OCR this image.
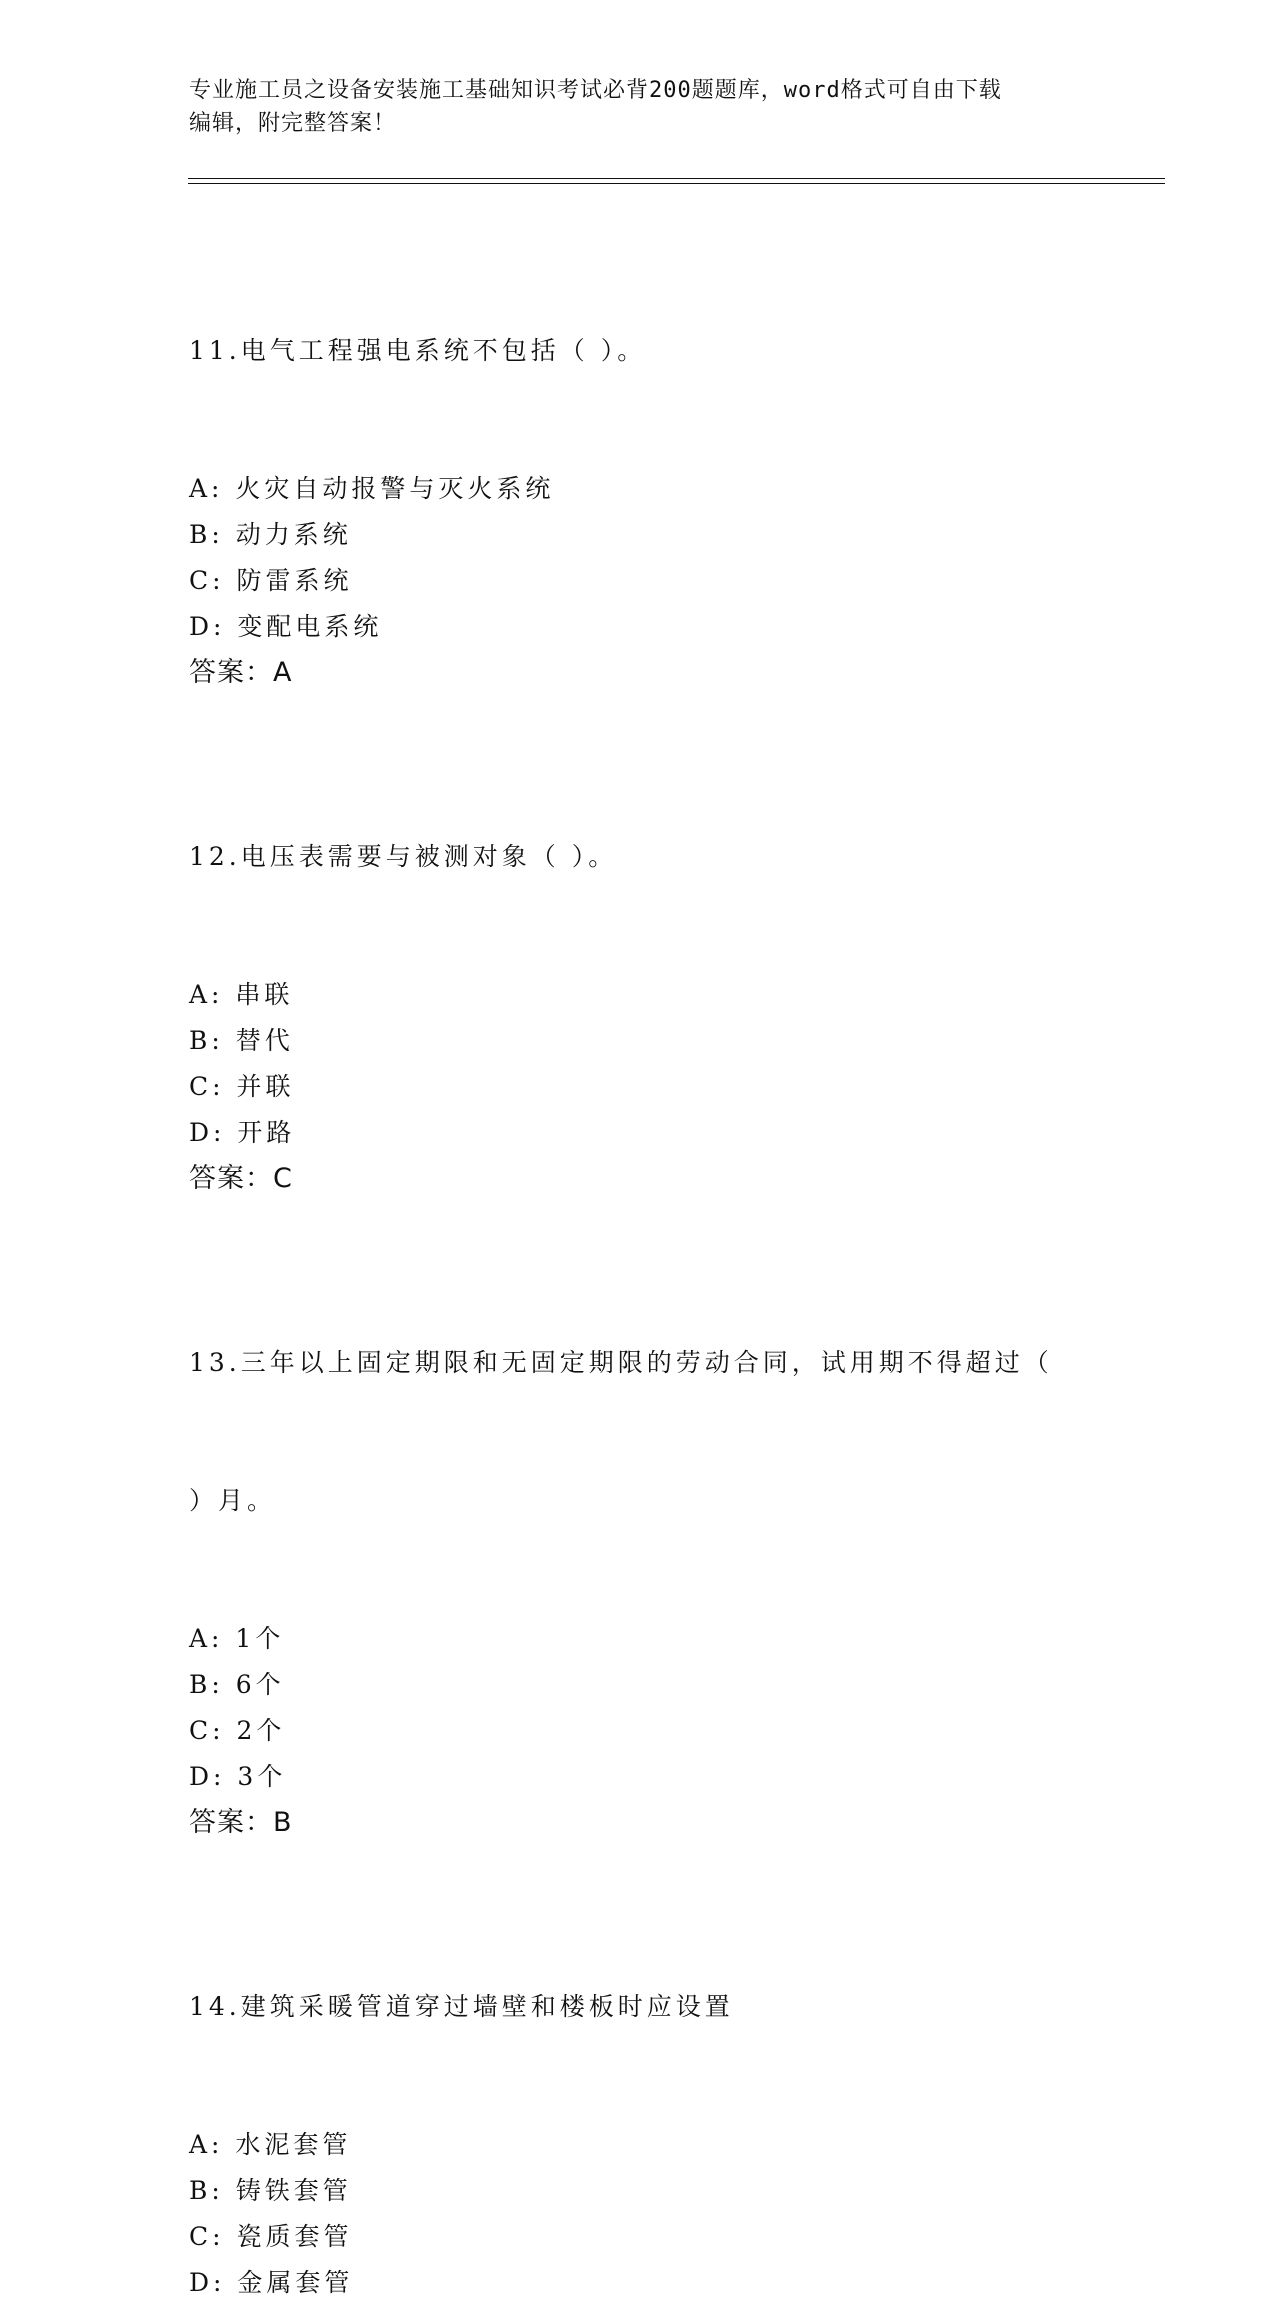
专业施工员之设备安装施工基础知识考试必背200题题库，word格式可自由下载
编辑，附完整答案！

11.电气工程强电系统不包括（ ）。

A: 火灾自动报警与灭火系统
B: 动力系统
C: 防雷系统
D: 变配电系统
答案：A

12.电压表需要与被测对象（ ）。

A: 串联
B: 替代
C: 并联
D: 开路
答案：C

13.三年以上固定期限和无固定期限的劳动合同，试用期不得超过（

）月。

A: 1个
B: 6个
C: 2个
D: 3个
答案：B

14.建筑采暖管道穿过墙壁和楼板时应设置

A: 水泥套管
B: 铸铁套管
C: 瓷质套管
D: 金属套管
